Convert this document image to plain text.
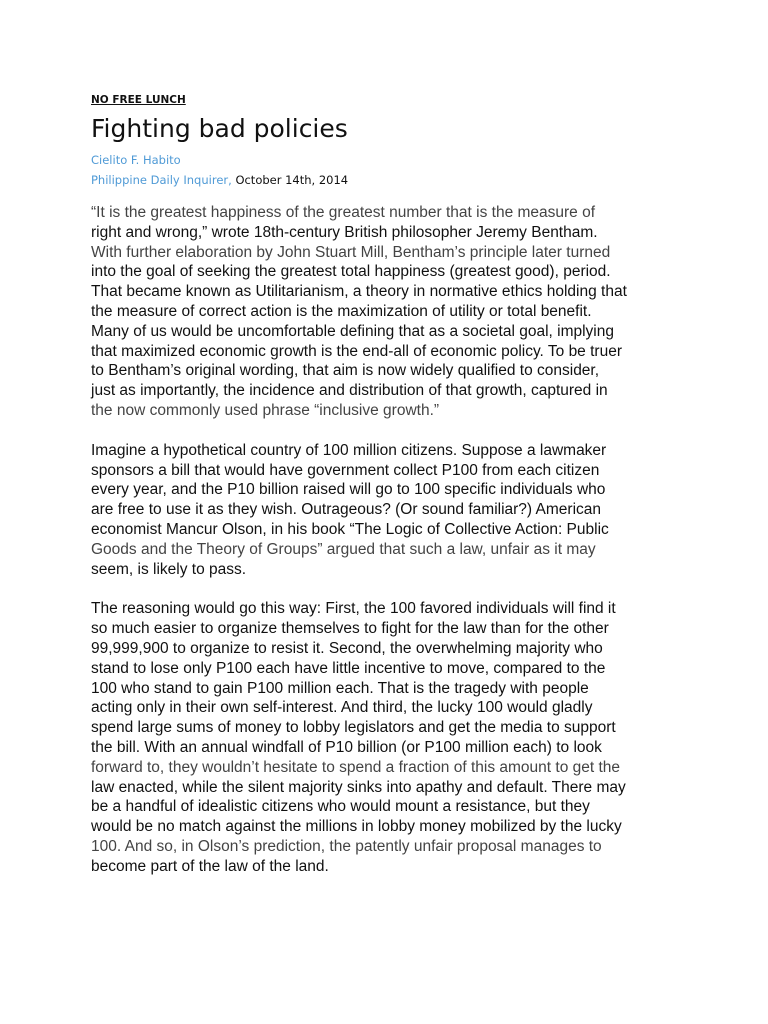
NO FREE LUNCH

Fighting bad policies

Cielito F. Habito

Philippine Daily Inquirer, October 14th, 2014

“It is the greatest happiness of the greatest number that is the measure of
right and wrong,” wrote 18th-century British philosopher Jeremy Bentham.
With further elaboration by John Stuart Mill, Bentham’s principle later turned
into the goal of seeking the greatest total happiness (greatest good), period.
That became known as Utilitarianism, a theory in normative ethics holding that
the measure of correct action is the maximization of utility or total benefit.
Many of us would be uncomfortable defining that as a societal goal, implying
that maximized economic growth is the end-all of economic policy. To be truer
to Bentham’s original wording, that aim is now widely qualified to consider,
just as importantly, the incidence and distribution of that growth, captured in
the now commonly used phrase “inclusive growth.”

Imagine a hypothetical country of 100 million citizens. Suppose a lawmaker
sponsors a bill that would have government collect P100 from each citizen
every year, and the P10 billion raised will go to 100 specific individuals who
are free to use it as they wish. Outrageous? (Or sound familiar?) American
economist Mancur Olson, in his book “The Logic of Collective Action: Public
Goods and the Theory of Groups” argued that such a law, unfair as it may
seem, is likely to pass.

The reasoning would go this way: First, the 100 favored individuals will find it
so much easier to organize themselves to fight for the law than for the other
99,999,900 to organize to resist it. Second, the overwhelming majority who
stand to lose only P100 each have little incentive to move, compared to the
100 who stand to gain P100 million each. That is the tragedy with people
acting only in their own self-interest. And third, the lucky 100 would gladly
spend large sums of money to lobby legislators and get the media to support
the bill. With an annual windfall of P10 billion (or P100 million each) to look
forward to, they wouldn’t hesitate to spend a fraction of this amount to get the
law enacted, while the silent majority sinks into apathy and default. There may
be a handful of idealistic citizens who would mount a resistance, but they
would be no match against the millions in lobby money mobilized by the lucky
100. And so, in Olson’s prediction, the patently unfair proposal manages to
become part of the law of the land.
